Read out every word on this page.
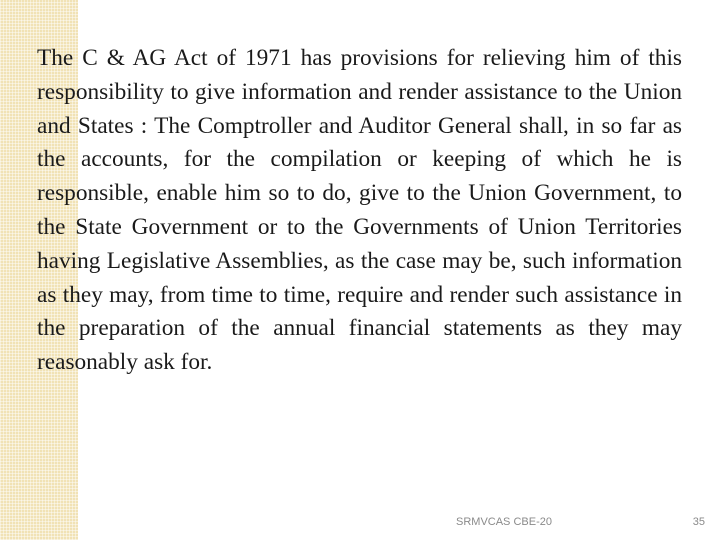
The C & AG Act of 1971 has provisions for relieving him of this responsibility to give information and render assistance to the Union and States : The Comptroller and Auditor General shall, in so far as the accounts, for the compilation or keeping of which he is responsible, enable him so to do, give to the Union Government, to the State Government or to the Governments of Union Territories having Legislative Assemblies, as the case may be, such information as they may, from time to time, require and render such assistance in the preparation of the annual financial statements as they may reasonably ask for.

SRMVCAS CBE-20	35
